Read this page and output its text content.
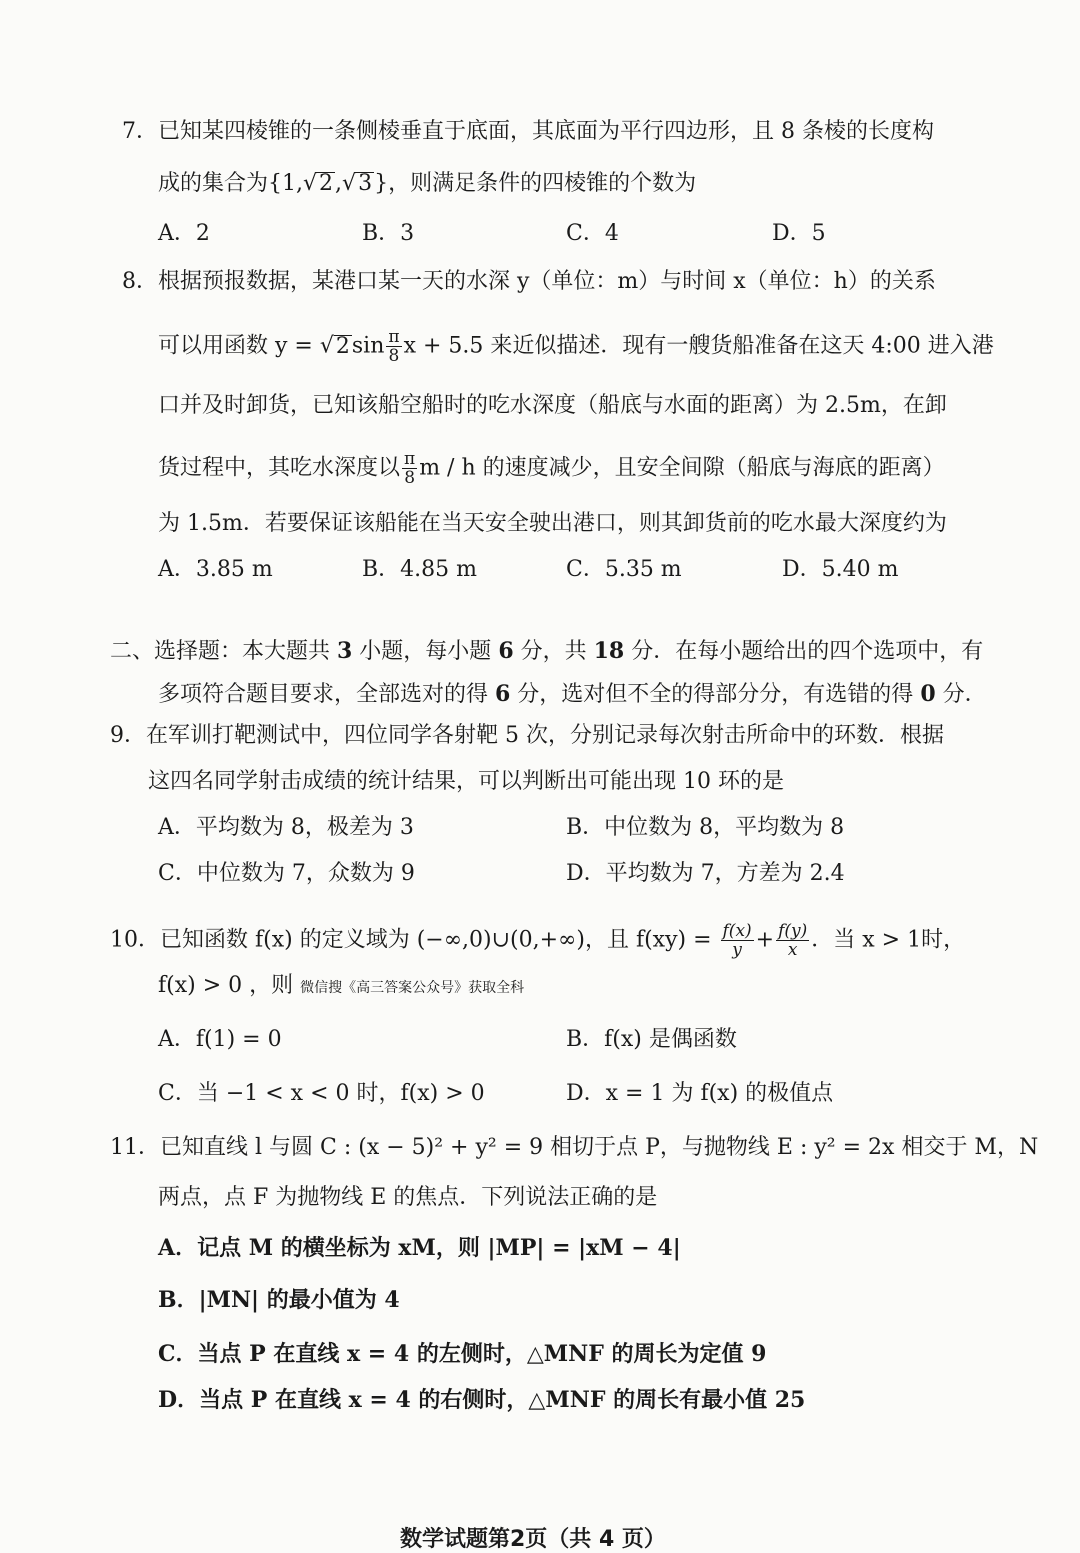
7．已知某四棱锥的一条侧棱垂直于底面，其底面为平行四边形，且 8 条棱的长度构
成的集合为{1,√2,√3}，则满足条件的四棱锥的个数为
A．2	B．3	C．4	D．5
8．根据预报数据，某港口某一天的水深 y（单位：m）与时间 x（单位：h）的关系
可以用函数 $y = √2\sin \frac{\pi}{8}$ x + 5.5 来近似描述．现有一艘货船准备在这天 4:00 进入港
口并及时卸货，已知该船空船时的吃水深度（船底与水面的距离）为 2.5m，在卸
货过程中，其吃水深度以 $\frac{\pi}{8}$ m / h 的速度减少，且安全间隙（船底与海底的距离）
为 1.5m．若要保证该船能在当天安全驶出港口，则其卸货前的吃水最大深度约为
A．3.85 m	B．4.85 m	C．5.35 m	D．5.40 m
二、选择题：本大题共 3 小题，每小题 6 分，共 18 分．在每小题给出的四个选项中，有
多项符合题目要求，全部选对的得 6 分，选对但不全的得部分分，有选错的得 0 分．
9．在军训打靶测试中，四位同学各射靶 5 次，分别记录每次射击所命中的环数．根据
这四名同学射击成绩的统计结果，可以判断出可能出现 10 环的是
A．平均数为 8，极差为 3	B．中位数为 8，平均数为 8
C．中位数为 7，众数为 9	D．平均数为 7，方差为 2.4
10．已知函数 f(x) 的定义域为 (−∞,0)∪(0,+∞)，且 $f(xy) = \frac{f(x)}{y} + \frac{f(y)}{x}$ ．当 x > 1时，
f(x) > 0 ，则 微信搜《高三答案公众号》获取全科
A．f(1) = 0	B．f(x) 是偶函数
C．当 −1 < x < 0 时，f(x) > 0	D．x = 1 为 f(x) 的极值点
11．已知直线 l 与圆 C : (x − 5)² + y² = 9 相切于点 P，与抛物线 E : y² = 2x 相交于 M，N
两点，点 F 为抛物线 E 的焦点．下列说法正确的是
A．记点 M 的横坐标为 xM，则 |MP| = |xM − 4|
B．|MN| 的最小值为 4
C．当点 P 在直线 x = 4 的左侧时，△MNF 的周长为定值 9
D．当点 P 在直线 x = 4 的右侧时，△MNF 的周长有最小值 25
数学试题第2页（共 4 页）
